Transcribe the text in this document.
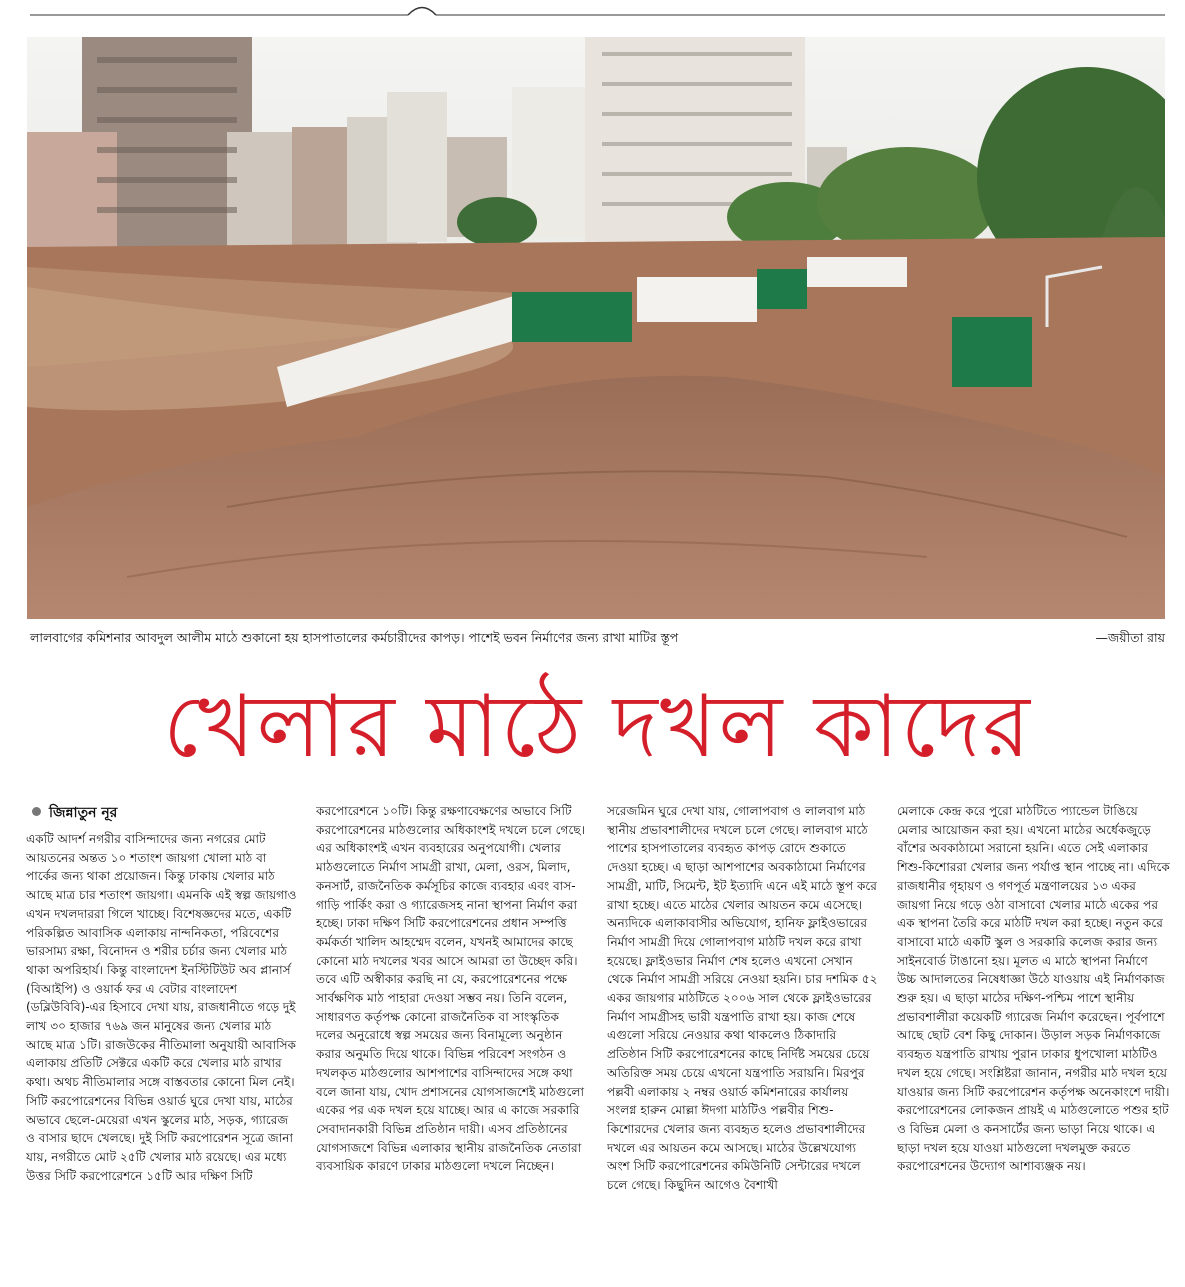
লালবাগের কমিশনার আবদুল আলীম মাঠে শুকানো হয় হাসপাতালের কর্মচারীদের কাপড়। পাশেই ভবন নির্মাণের জন্য রাখা মাটির স্তূপ	—জয়ীতা রায়
খেলার মাঠে দখল কাদের
জিন্নাতুন নূর

একটি আদর্শ নগরীর বাসিন্দাদের জন্য নগরের মোট আয়তনের অন্তত ১০ শতাংশ জায়গা খোলা মাঠ বা পার্কের জন্য থাকা প্রয়োজন। কিন্তু ঢাকায় খেলার মাঠ আছে মাত্র চার শতাংশ জায়গা। এমনকি এই স্বল্প জায়গাও এখন দখলদাররা গিলে খাচ্ছে। বিশেষজ্ঞদের মতে, একটি পরিকল্পিত আবাসিক এলাকায় নান্দনিকতা, পরিবেশের ভারসাম্য রক্ষা, বিনোদন ও শরীর চর্চার জন্য খেলার মাঠ থাকা অপরিহার্য। কিন্তু বাংলাদেশ ইনস্টিটিউট অব প্লানার্স (বিআইপি) ও ওয়ার্ক ফর এ বেটার বাংলাদেশ (ডব্লিউবিবি)-এর হিসাবে দেখা যায়, রাজধানীতে গড়ে দুই লাখ ৩০ হাজার ৭৬৯ জন মানুষের জন্য খেলার মাঠ আছে মাত্র ১টি। রাজউকের নীতিমালা অনুযায়ী আবাসিক এলাকায় প্রতিটি সেক্টরে একটি করে খেলার মাঠ রাখার কথা। অথচ নীতিমালার সঙ্গে বাস্তবতার কোনো মিল নেই। সিটি করপোরেশনের বিভিন্ন ওয়ার্ড ঘুরে দেখা যায়, মাঠের অভাবে ছেলে-মেয়েরা এখন স্কুলের মাঠ, সড়ক, গ্যারেজ ও বাসার ছাদে খেলছে। দুই সিটি করপোরেশন সূত্রে জানা যায়, নগরীতে মোট ২৫টি খেলার মাঠ রয়েছে। এর মধ্যে উত্তর সিটি করপোরেশনে ১৫টি আর দক্ষিণ সিটি

করপোরেশনে ১০টি। কিন্তু রক্ষণাবেক্ষণের অভাবে সিটি করপোরেশনের মাঠগুলোর অধিকাংশই দখলে চলে গেছে। এর অধিকাংশই এখন ব্যবহারের অনুপযোগী। খেলার মাঠগুলোতে নির্মাণ সামগ্রী রাখা, মেলা, ওরস, মিলাদ, কনসার্ট, রাজনৈতিক কর্মসূচির কাজে ব্যবহার এবং বাস-গাড়ি পার্কিং করা ও গ্যারেজসহ নানা স্থাপনা নির্মাণ করা হচ্ছে। ঢাকা দক্ষিণ সিটি করপোরেশনের প্রধান সম্পত্তি কর্মকর্তা খালিদ আহম্মেদ বলেন, যখনই আমাদের কাছে কোনো মাঠ দখলের খবর আসে আমরা তা উচ্ছেদ করি। তবে এটি অস্বীকার করছি না যে, করপোরেশনের পক্ষে সার্বক্ষণিক মাঠ পাহারা দেওয়া সম্ভব নয়। তিনি বলেন, সাধারণত কর্তৃপক্ষ কোনো রাজনৈতিক বা সাংস্কৃতিক দলের অনুরোধে স্বল্প সময়ের জন্য বিনামূল্যে অনুষ্ঠান করার অনুমতি দিয়ে থাকে। বিভিন্ন পরিবেশ সংগঠন ও দখলকৃত মাঠগুলোর আশপাশের বাসিন্দাদের সঙ্গে কথা বলে জানা যায়, খোদ প্রশাসনের যোগসাজশেই মাঠগুলো একের পর এক দখল হয়ে যাচ্ছে। আর এ কাজে সরকারি সেবাদানকারী বিভিন্ন প্রতিষ্ঠান দায়ী। এসব প্রতিষ্ঠানের যোগসাজশে বিভিন্ন এলাকার স্থানীয় রাজনৈতিক নেতারা ব্যবসায়িক কারণে ঢাকার মাঠগুলো দখলে নিচ্ছেন।

সরেজমিন ঘুরে দেখা যায়, গোলাপবাগ ও লালবাগ মাঠ স্থানীয় প্রভাবশালীদের দখলে চলে গেছে। লালবাগ মাঠে পাশের হাসপাতালের ব্যবহৃত কাপড় রোদে শুকাতে দেওয়া হচ্ছে। এ ছাড়া আশপাশের অবকাঠামো নির্মাণের সামগ্রী, মাটি, সিমেন্ট, ইট ইত্যাদি এনে এই মাঠে স্তূপ করে রাখা হচ্ছে। এতে মাঠের খেলার আয়তন কমে এসেছে। অন্যদিকে এলাকাবাসীর অভিযোগ, হানিফ ফ্লাইওভারের নির্মাণ সামগ্রী দিয়ে গোলাপবাগ মাঠটি দখল করে রাখা হয়েছে। ফ্লাইওভার নির্মাণ শেষ হলেও এখনো সেখান থেকে নির্মাণ সামগ্রী সরিয়ে নেওয়া হয়নি। চার দশমিক ৫২ একর জায়গার মাঠটিতে ২০০৬ সাল থেকে ফ্লাইওভারের নির্মাণ সামগ্রীসহ ভারী যন্ত্রপাতি রাখা হয়। কাজ শেষে এগুলো সরিয়ে নেওয়ার কথা থাকলেও ঠিকাদারি প্রতিষ্ঠান সিটি করপোরেশনের কাছে নির্দিষ্ট সময়ের চেয়ে অতিরিক্ত সময় চেয়ে এখনো যন্ত্রপাতি সরায়নি। মিরপুর পল্লবী এলাকায় ২ নম্বর ওয়ার্ড কমিশনারের কার্যালয় সংলগ্ন হারুন মোল্লা ঈদগা মাঠটিও পল্লবীর শিশু-কিশোরদের খেলার জন্য ব্যবহৃত হলেও প্রভাবশালীদের দখলে এর আয়তন কমে আসছে। মাঠের উল্লেখযোগ্য অংশ সিটি করপোরেশনের কমিউনিটি সেন্টারের দখলে চলে গেছে। কিছুদিন আগেও বৈশাখী

মেলাকে কেন্দ্র করে পুরো মাঠটিতে প্যান্ডেল টাঙিয়ে মেলার আয়োজন করা হয়। এখনো মাঠের অর্ধেকজুড়ে বাঁশের অবকাঠামো সরানো হয়নি। এতে সেই এলাকার শিশু-কিশোররা খেলার জন্য পর্যাপ্ত স্থান পাচ্ছে না। এদিকে রাজধানীর গৃহায়ণ ও গণপূর্ত মন্ত্রণালয়ের ১৩ একর জায়গা নিয়ে গড়ে ওঠা বাসাবো খেলার মাঠে একের পর এক স্থাপনা তৈরি করে মাঠটি দখল করা হচ্ছে। নতুন করে বাসাবো মাঠে একটি স্কুল ও সরকারি কলেজ করার জন্য সাইনবোর্ড টাঙানো হয়। মূলত এ মাঠে স্থাপনা নির্মাণে উচ্চ আদালতের নিষেধাজ্ঞা উঠে যাওয়ায় এই নির্মাণকাজ শুরু হয়। এ ছাড়া মাঠের দক্ষিণ-পশ্চিম পাশে স্থানীয় প্রভাবশালীরা কয়েকটি গ্যারেজ নির্মাণ করেছেন। পূর্বপাশে আছে ছোট বেশ কিছু দোকান। উড়াল সড়ক নির্মাণকাজে ব্যবহৃত যন্ত্রপাতি রাখায় পুরান ঢাকার ধুপখোলা মাঠটিও দখল হয়ে গেছে। সংশ্লিষ্টরা জানান, নগরীর মাঠ দখল হয়ে যাওয়ার জন্য সিটি করপোরেশন কর্তৃপক্ষ অনেকাংশে দায়ী। করপোরেশনের লোকজন প্রায়ই এ মাঠগুলোতে পশুর হাট ও বিভিন্ন মেলা ও কনসার্টের জন্য ভাড়া নিয়ে থাকে। এ ছাড়া দখল হয়ে যাওয়া মাঠগুলো দখলমুক্ত করতে করপোরেশনের উদ্যোগ আশাব্যঞ্জক নয়।
